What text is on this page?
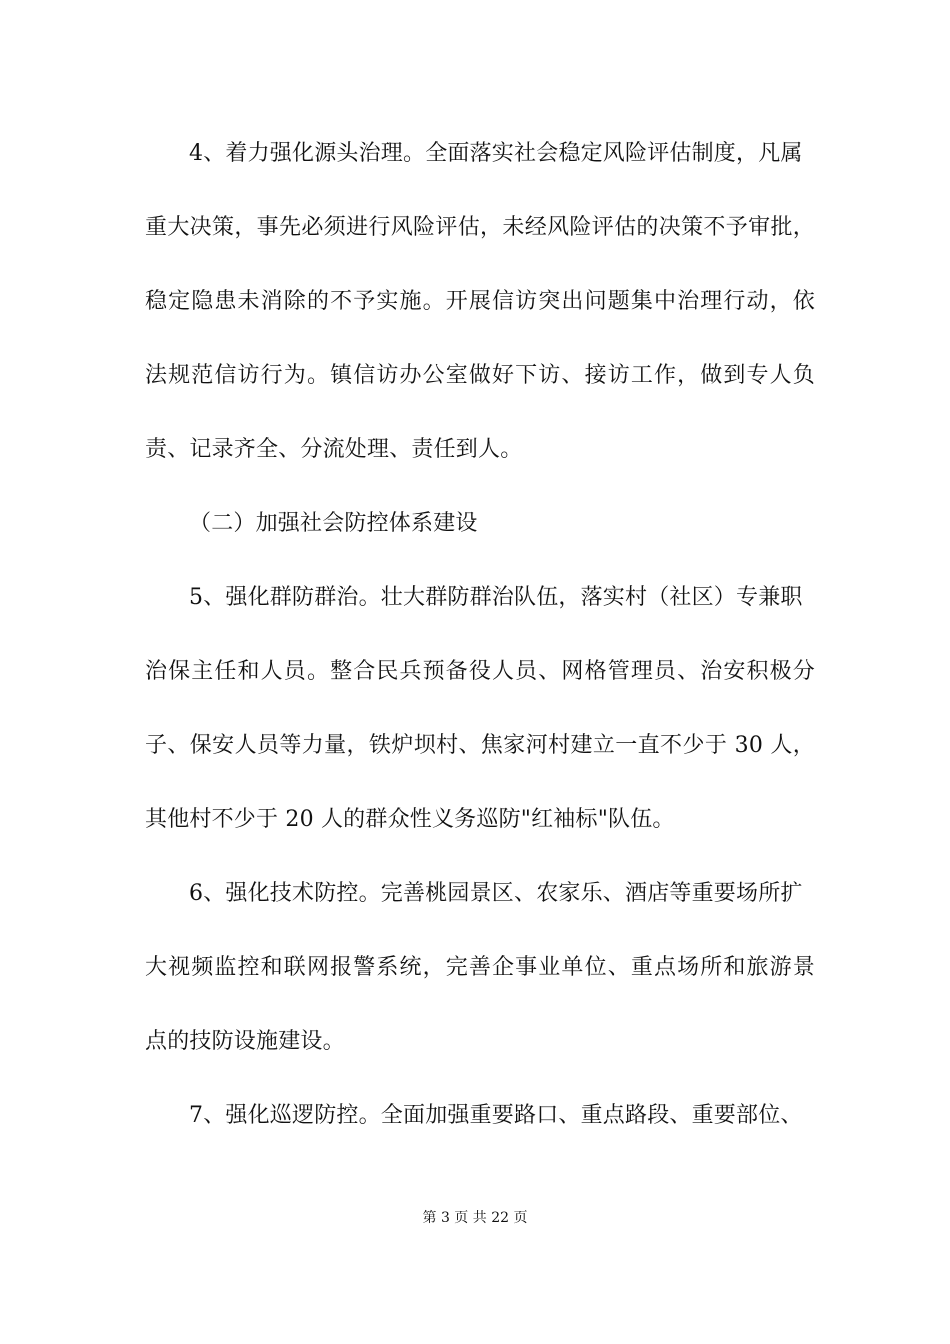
4、着力强化源头治理。全面落实社会稳定风险评估制度，凡属
重大决策，事先必须进行风险评估，未经风险评估的决策不予审批，
稳定隐患未消除的不予实施。开展信访突出问题集中治理行动，依
法规范信访行为。镇信访办公室做好下访、接访工作，做到专人负
责、记录齐全、分流处理、责任到人。
（二）加强社会防控体系建设
5、强化群防群治。壮大群防群治队伍，落实村（社区）专兼职
治保主任和人员。整合民兵预备役人员、网格管理员、治安积极分
子、保安人员等力量，铁炉坝村、焦家河村建立一直不少于 30 人，
其他村不少于 20 人的群众性义务巡防"红袖标"队伍。
6、强化技术防控。完善桃园景区、农家乐、酒店等重要场所扩
大视频监控和联网报警系统，完善企事业单位、重点场所和旅游景
点的技防设施建设。
7、强化巡逻防控。全面加强重要路口、重点路段、重要部位、
第 3 页 共 22 页
